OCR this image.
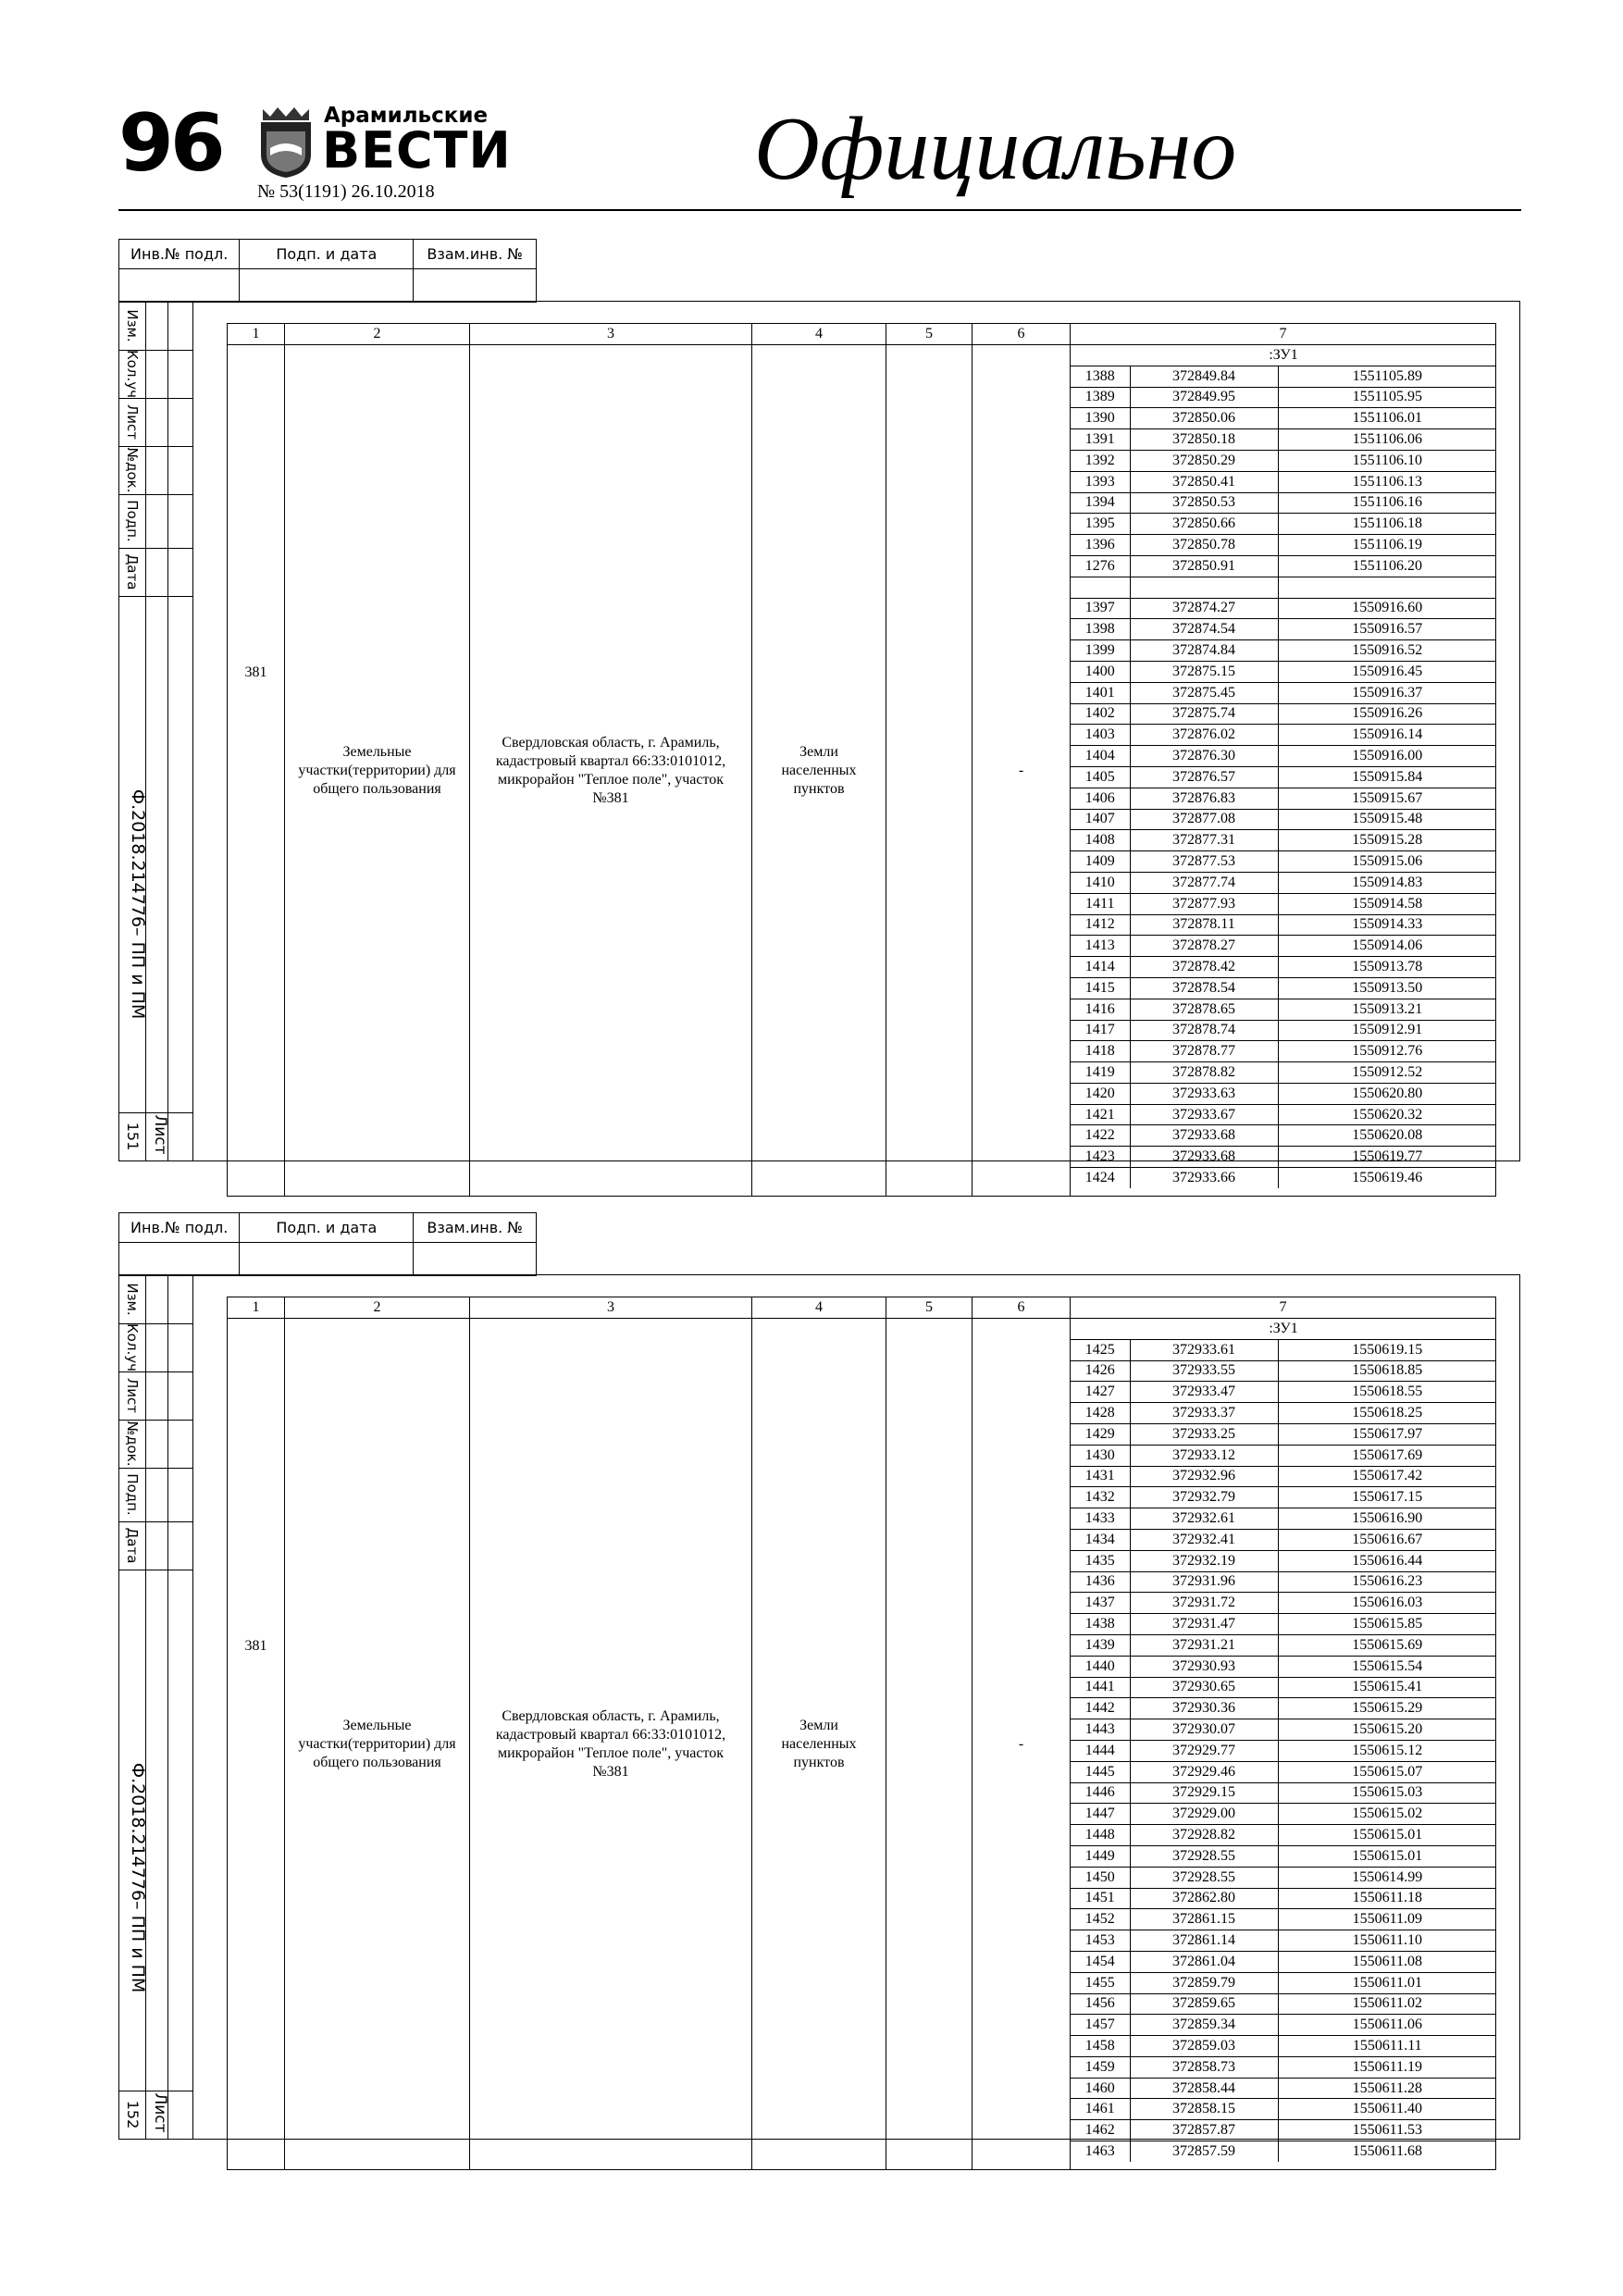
96	Арамильские
ВЕСТИ
№ 53(1191) 26.10.2018	Официально
Инв.№ подл.	Подп. и дата	Взам.инв. №

Изм.
Кол.уч
Лист
№док.
Подп.
Дата
Ф.2018.214776– ПП и ПМ
151 Лист
1	2	3	4	5	6	7
381	Земельные участки(территории) для общего пользования	Свердловская область, г. Арамиль, кадастровый квартал 66:33:0101012, микрорайон "Теплое поле", участок №381	Земли населенных пунктов		-	
:ЗУ1
1388	372849.84	1551105.89
1389	372849.95	1551105.95
1390	372850.06	1551106.01
1391	372850.18	1551106.06
1392	372850.29	1551106.10
1393	372850.41	1551106.13
1394	372850.53	1551106.16
1395	372850.66	1551106.18
1396	372850.78	1551106.19
1276	372850.91	1551106.20

1397	372874.27	1550916.60
1398	372874.54	1550916.57
1399	372874.84	1550916.52
1400	372875.15	1550916.45
1401	372875.45	1550916.37
1402	372875.74	1550916.26
1403	372876.02	1550916.14
1404	372876.30	1550916.00
1405	372876.57	1550915.84
1406	372876.83	1550915.67
1407	372877.08	1550915.48
1408	372877.31	1550915.28
1409	372877.53	1550915.06
1410	372877.74	1550914.83
1411	372877.93	1550914.58
1412	372878.11	1550914.33
1413	372878.27	1550914.06
1414	372878.42	1550913.78
1415	372878.54	1550913.50
1416	372878.65	1550913.21
1417	372878.74	1550912.91
1418	372878.77	1550912.76
1419	372878.82	1550912.52
1420	372933.63	1550620.80
1421	372933.67	1550620.32
1422	372933.68	1550620.08
1423	372933.68	1550619.77
1424	372933.66	1550619.46
Инв.№ подл.	Подп. и дата	Взам.инв. №

Изм.
Кол.уч
Лист
№док.
Подп.
Дата
Ф.2018.214776– ПП и ПМ
152 Лист
1	2	3	4	5	6	7
381	Земельные участки(территории) для общего пользования	Свердловская область, г. Арамиль, кадастровый квартал 66:33:0101012, микрорайон "Теплое поле", участок №381	Земли населенных пунктов		-	
:ЗУ1
1425	372933.61	1550619.15
1426	372933.55	1550618.85
1427	372933.47	1550618.55
1428	372933.37	1550618.25
1429	372933.25	1550617.97
1430	372933.12	1550617.69
1431	372932.96	1550617.42
1432	372932.79	1550617.15
1433	372932.61	1550616.90
1434	372932.41	1550616.67
1435	372932.19	1550616.44
1436	372931.96	1550616.23
1437	372931.72	1550616.03
1438	372931.47	1550615.85
1439	372931.21	1550615.69
1440	372930.93	1550615.54
1441	372930.65	1550615.41
1442	372930.36	1550615.29
1443	372930.07	1550615.20
1444	372929.77	1550615.12
1445	372929.46	1550615.07
1446	372929.15	1550615.03
1447	372929.00	1550615.02
1448	372928.82	1550615.01
1449	372928.55	1550615.01
1450	372928.55	1550614.99
1451	372862.80	1550611.18
1452	372861.15	1550611.09
1453	372861.14	1550611.10
1454	372861.04	1550611.08
1455	372859.79	1550611.01
1456	372859.65	1550611.02
1457	372859.34	1550611.06
1458	372859.03	1550611.11
1459	372858.73	1550611.19
1460	372858.44	1550611.28
1461	372858.15	1550611.40
1462	372857.87	1550611.53
1463	372857.59	1550611.68
